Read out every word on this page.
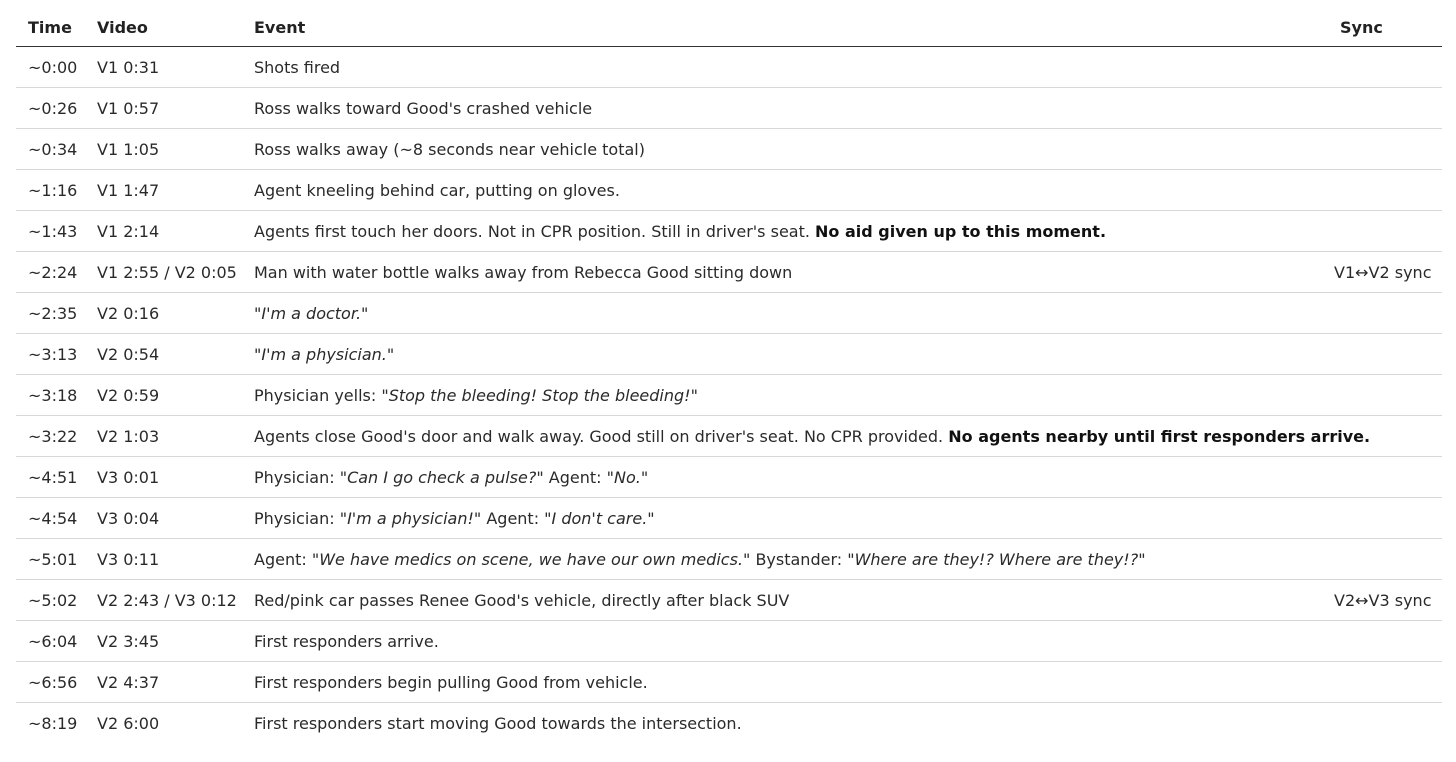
Time	Video	Event	Sync
~0:00	V1 0:31	Shots fired	
~0:26	V1 0:57	Ross walks toward Good's crashed vehicle	
~0:34	V1 1:05	Ross walks away (~8 seconds near vehicle total)	
~1:16	V1 1:47	Agent kneeling behind car, putting on gloves.	
~1:43	V1 2:14	Agents first touch her doors. Not in CPR position. Still in driver's seat. No aid given up to this moment.	
~2:24	V1 2:55 / V2 0:05	Man with water bottle walks away from Rebecca Good sitting down	V1↔V2 sync
~2:35	V2 0:16	"I'm a doctor."	
~3:13	V2 0:54	"I'm a physician."	
~3:18	V2 0:59	Physician yells: "Stop the bleeding! Stop the bleeding!"	
~3:22	V2 1:03	Agents close Good's door and walk away. Good still on driver's seat. No CPR provided. No agents nearby until first responders arrive.	
~4:51	V3 0:01	Physician: "Can I go check a pulse?" Agent: "No."	
~4:54	V3 0:04	Physician: "I'm a physician!" Agent: "I don't care."	
~5:01	V3 0:11	Agent: "We have medics on scene, we have our own medics." Bystander: "Where are they!? Where are they!?"	
~5:02	V2 2:43 / V3 0:12	Red/pink car passes Renee Good's vehicle, directly after black SUV	V2↔V3 sync
~6:04	V2 3:45	First responders arrive.	
~6:56	V2 4:37	First responders begin pulling Good from vehicle.	
~8:19	V2 6:00	First responders start moving Good towards the intersection.	
